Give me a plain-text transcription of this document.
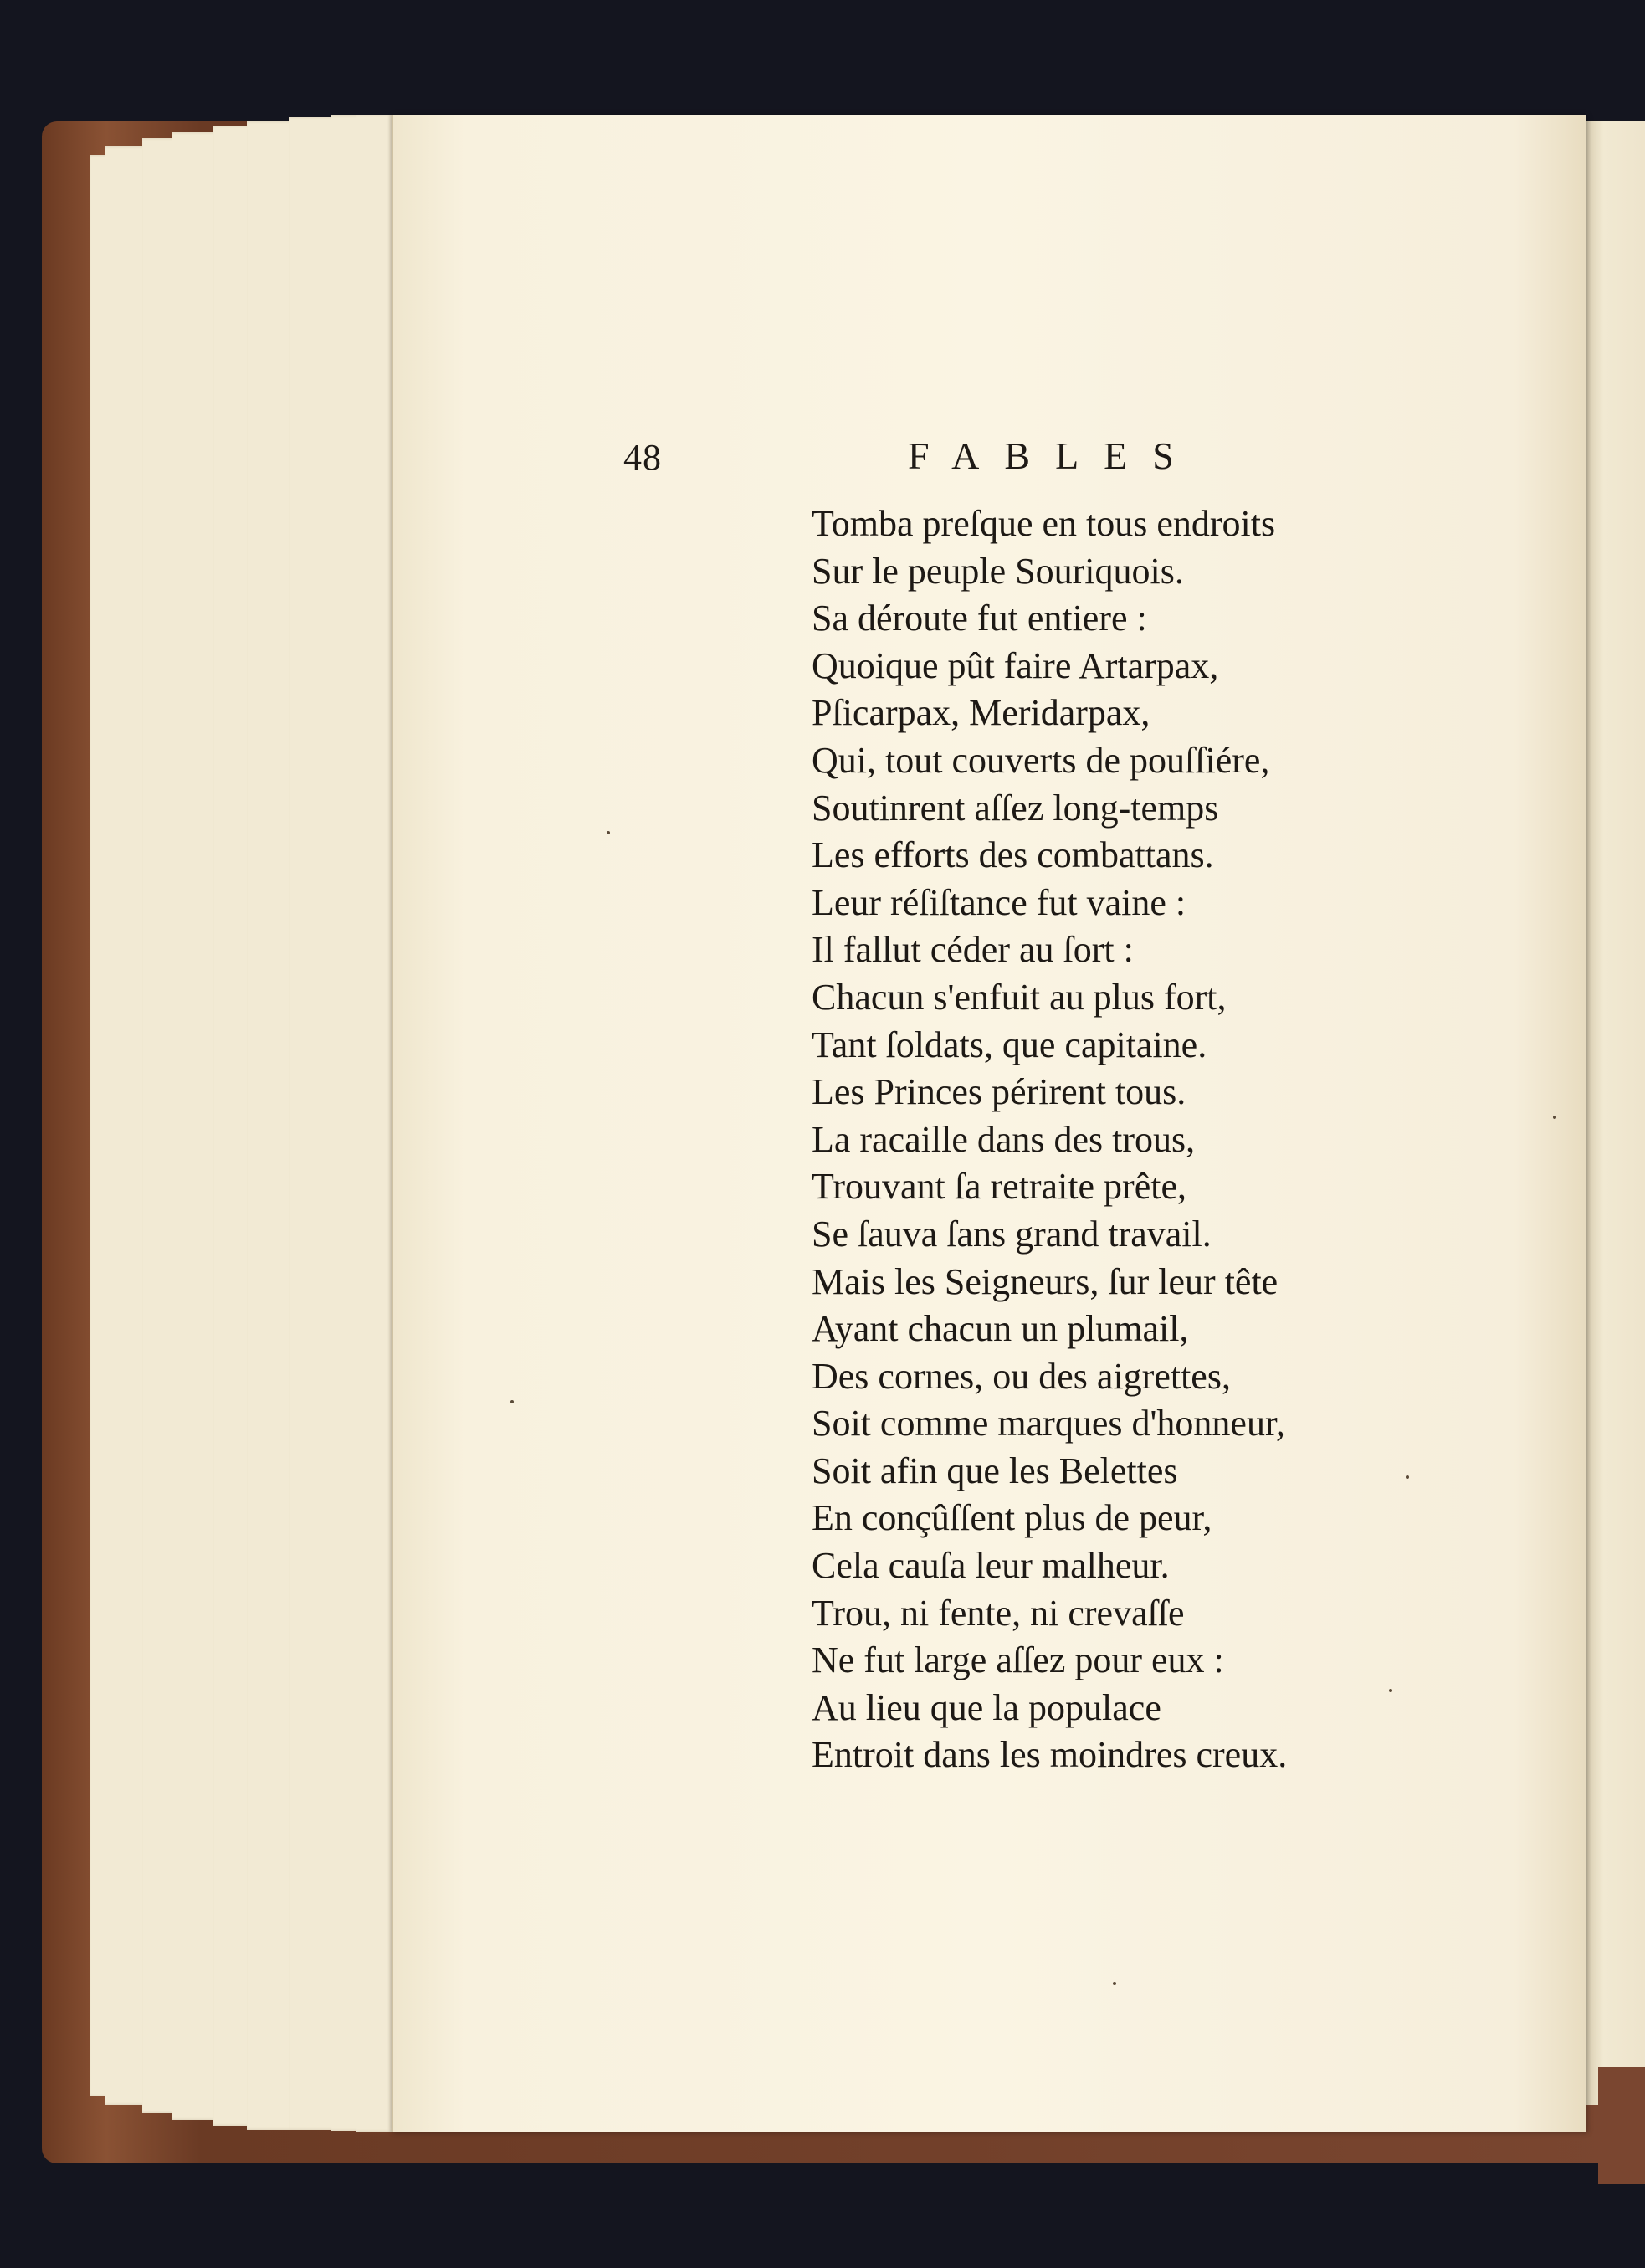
48	FABLES
Tomba preſque en tous endroits
Sur le peuple Souriquois.
Sa déroute fut entiere :
Quoique pût faire Artarpax,
Pſicarpax, Meridarpax,
Qui, tout couverts de pouſſiére,
Soutinrent aſſez long-temps
Les efforts des combattans.
Leur réſiſtance fut vaine :
Il fallut céder au ſort :
Chacun s'enfuit au plus fort,
Tant ſoldats, que capitaine.
Les Princes périrent tous.
La racaille dans des trous,
Trouvant ſa retraite prête,
Se ſauva ſans grand travail.
Mais les Seigneurs, ſur leur tête
Ayant chacun un plumail,
Des cornes, ou des aigrettes,
Soit comme marques d'honneur,
Soit afin que les Belettes
En conçûſſent plus de peur,
Cela cauſa leur malheur.
Trou, ni fente, ni crevaſſe
Ne fut large aſſez pour eux :
Au lieu que la populace
Entroit dans les moindres creux.
